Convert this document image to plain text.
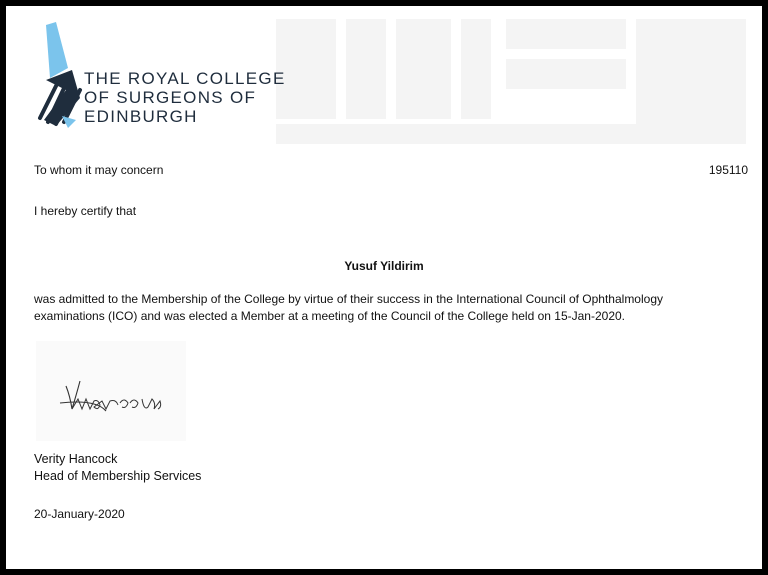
THE ROYAL COLLEGE
OF SURGEONS OF
EDINBURGH
To whom it may concern	195110
I hereby certify that
Yusuf Yildirim
was admitted to the Membership of the College by virtue of their success in the International Council of Ophthalmology
examinations (ICO) and was elected a Member at a meeting of the Council of the College held on 15-Jan-2020.
Verity Hancock
Head of Membership Services
20-January-2020
